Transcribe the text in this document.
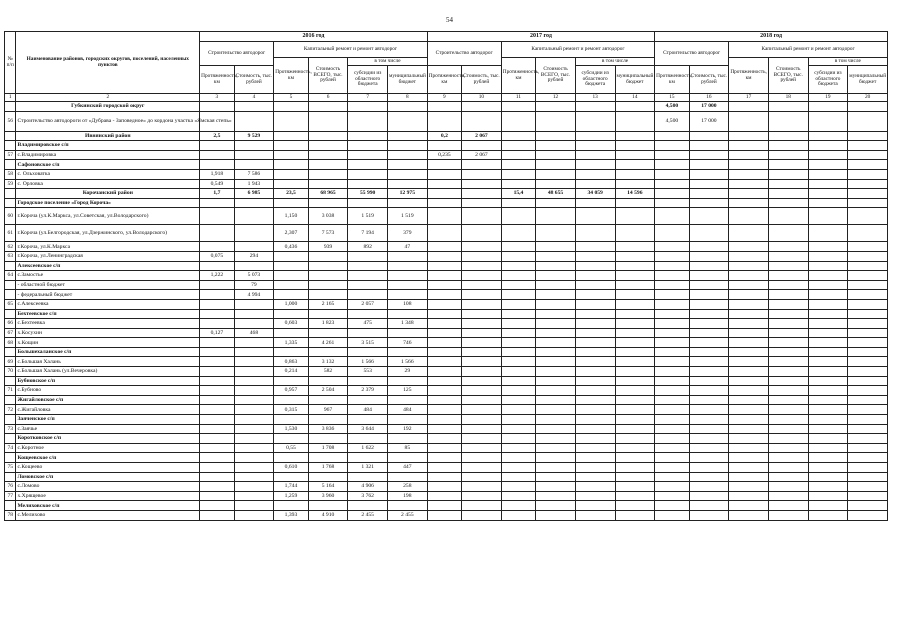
54
№ п/п	Наименование районов, городских округов, поселений, населенных пунктов	2016 год						2017 год						2018 год					
		Строительство автодорог		Капитальный ремонт и ремонт автодорог				Строительство автодорог		Капитальный ремонт и ремонт автодорог				Строительство автодорог		Капитальный ремонт и ремонт автодорог			
				Протяженность, км	Стоимость ВСЕГО, тыс. рублей	в том числе				Протяженность, км	Стоимость ВСЕГО, тыс. рублей	в том числе				Протяженность, км	Стоимость ВСЕГО, тыс. рублей	в том числе	
		Протяженность, км	Стоимость, тыс. рублей			субсидии из областного бюджета	муниципальный бюджет	Протяженность, км	Стоимость, тыс. рублей			субсидии из областного бюджета	муниципальный бюджет	Протяженность, км	Стоимость, тыс. рублей			субсидии из областного бюджета	муниципальный бюджет
1	2	3	4	5	6	7	8	9	10	11	12	13	14	15	16	17	18	19	20
	Губкинский городской округ													4,500	17 000				
56	Строительство автодороги от «Дубрава - Заповедное» до кордона участка «Ямская степь»													4,500	17 000				
	Ивнянский район	2,5	9 529					0,2	2 067										
	Владимировское с/п																		
57	с.Владимировка							0,235	2 067										
	Сафоновское с/п																		
58	с. Ольховатка	1,918	7 586																
59	с. Орловка	0,549	1 943																
	Корочанский район	1,7	6 985	23,5	68 965	55 990	12 975			15,4	48 655	34 059	14 596						
	Городское поселение «Город Короча»																		
60	г.Короча (ул.К.Маркса, ул.Советская, ул.Володарского)			1,150	3 038	1 519	1 519												
61	г.Короча (ул.Белгородская, ул.Дзержинского, ул.Володарского)			2,307	7 573	7 194	379												
62	г.Короча, ул.К.Маркса			0,436	939	892	47												
63	г.Короча, ул.Ленинградская	0,075	294																
	Алексеевское с/п																		
64	с.Замостье	1,222	5 073																
	- областной бюджет		79																
	- федеральный бюджет		4 994																
65	с.Алексеевка			1,000	2 165	2 057	108												
	Бехтеевское с/п																		
66	с.Бехтеевка			0,603	1 823	475	1 348												
67	х.Косухин	0,127	468																
68	х.Кощин			1,335	4 261	3 515	746												
	Большехаланское с/п																		
69	с.Большая Халань			0,863	3 132	1 566	1 566												
70	с.Большая Халань (ул.Вечеровка)			0,214	582	553	29												
	Бубновское с/п																		
71	с.Бубново			0,957	2 504	2 379	125												
	Жигайловское с/п																		
72	с.Жигайловка			0,315	967	484	484												
	Заяченское с/п																		
73	с.Заячье			1,530	3 836	3 644	192												
	Коротковское с/п																		
74	с.Коротное			0,55	1 708	1 622	85												
	Кощеевское с/п																		
75	с.Кощеево			0,610	1 768	1 321	447												
	Ломовское с/п																		
76	с.Ломово			1,744	5 164	4 906	258												
77	х.Хрящевое			1,259	3 960	3 762	198												
	Мелиховское с/п																		
78	с.Мелихово			1,393	4 910	2 455	2 455												
